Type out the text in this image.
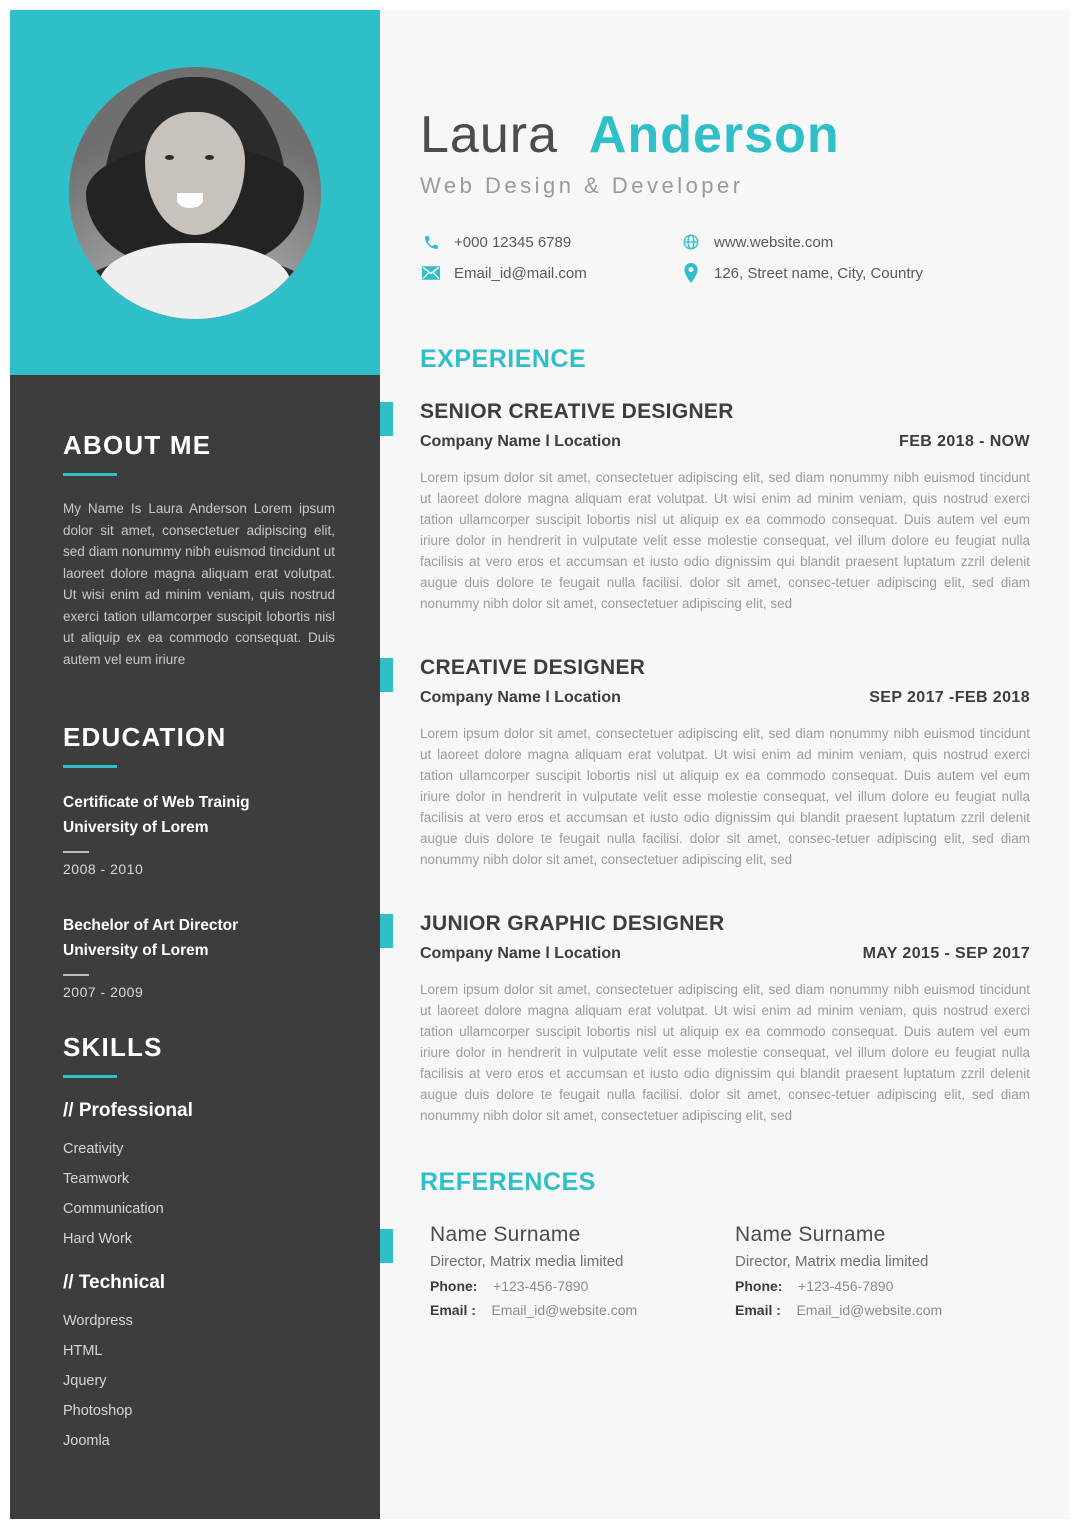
ABOUT ME
My Name Is Laura Anderson Lorem ipsum dolor sit amet, consectetuer adipiscing elit, sed diam nonummy nibh euismod tincidunt ut laoreet dolore magna aliquam erat volutpat. Ut wisi enim ad minim veniam, quis nostrud exerci tation ullamcorper suscipit lobortis nisl ut aliquip ex ea commodo consequat. Duis autem vel eum iriure
EDUCATION
Certificate of Web Trainig
University of Lorem
2008 - 2010
Bechelor of Art Director
University of Lorem
2007 - 2009
SKILLS
// Professional
Creativity
Teamwork
Communication
Hard Work
// Technical
Wordpress
HTML
Jquery
Photoshop
Joomla
Laura Anderson
Web Design & Developer
+000 12345 6789	www.website.com
Email_id@mail.com	126, Street name, City, Country
EXPERIENCE
SENIOR CREATIVE DESIGNER
Company Name l Location	FEB 2018 - NOW
Lorem ipsum dolor sit amet, consectetuer adipiscing elit, sed diam nonummy nibh euismod tincidunt ut laoreet dolore magna aliquam erat volutpat. Ut wisi enim ad minim veniam, quis nostrud exerci tation ullamcorper suscipit lobortis nisl ut aliquip ex ea commodo consequat. Duis autem vel eum iriure dolor in hendrerit in vulputate velit esse molestie consequat, vel illum dolore eu feugiat nulla facilisis at vero eros et accumsan et iusto odio dignissim qui blandit praesent luptatum zzril delenit augue duis dolore te feugait nulla facilisi. dolor sit amet, consec-tetuer adipiscing elit, sed diam nonummy nibh dolor sit amet, consectetuer adipiscing elit, sed
CREATIVE DESIGNER
Company Name l Location	SEP 2017 -FEB 2018
Lorem ipsum dolor sit amet, consectetuer adipiscing elit, sed diam nonummy nibh euismod tincidunt ut laoreet dolore magna aliquam erat volutpat. Ut wisi enim ad minim veniam, quis nostrud exerci tation ullamcorper suscipit lobortis nisl ut aliquip ex ea commodo consequat. Duis autem vel eum iriure dolor in hendrerit in vulputate velit esse molestie consequat, vel illum dolore eu feugiat nulla facilisis at vero eros et accumsan et iusto odio dignissim qui blandit praesent luptatum zzril delenit augue duis dolore te feugait nulla facilisi. dolor sit amet, consec-tetuer adipiscing elit, sed diam nonummy nibh dolor sit amet, consectetuer adipiscing elit, sed
JUNIOR GRAPHIC DESIGNER
Company Name l Location	MAY 2015 - SEP 2017
Lorem ipsum dolor sit amet, consectetuer adipiscing elit, sed diam nonummy nibh euismod tincidunt ut laoreet dolore magna aliquam erat volutpat. Ut wisi enim ad minim veniam, quis nostrud exerci tation ullamcorper suscipit lobortis nisl ut aliquip ex ea commodo consequat. Duis autem vel eum iriure dolor in hendrerit in vulputate velit esse molestie consequat, vel illum dolore eu feugiat nulla facilisis at vero eros et accumsan et iusto odio dignissim qui blandit praesent luptatum zzril delenit augue duis dolore te feugait nulla facilisi. dolor sit amet, consec-tetuer adipiscing elit, sed diam nonummy nibh dolor sit amet, consectetuer adipiscing elit, sed
REFERENCES
Name Surname
Director, Matrix media limited
Phone: +123-456-7890
Email : Email_id@website.com
Name Surname
Director, Matrix media limited
Phone: +123-456-7890
Email : Email_id@website.com
